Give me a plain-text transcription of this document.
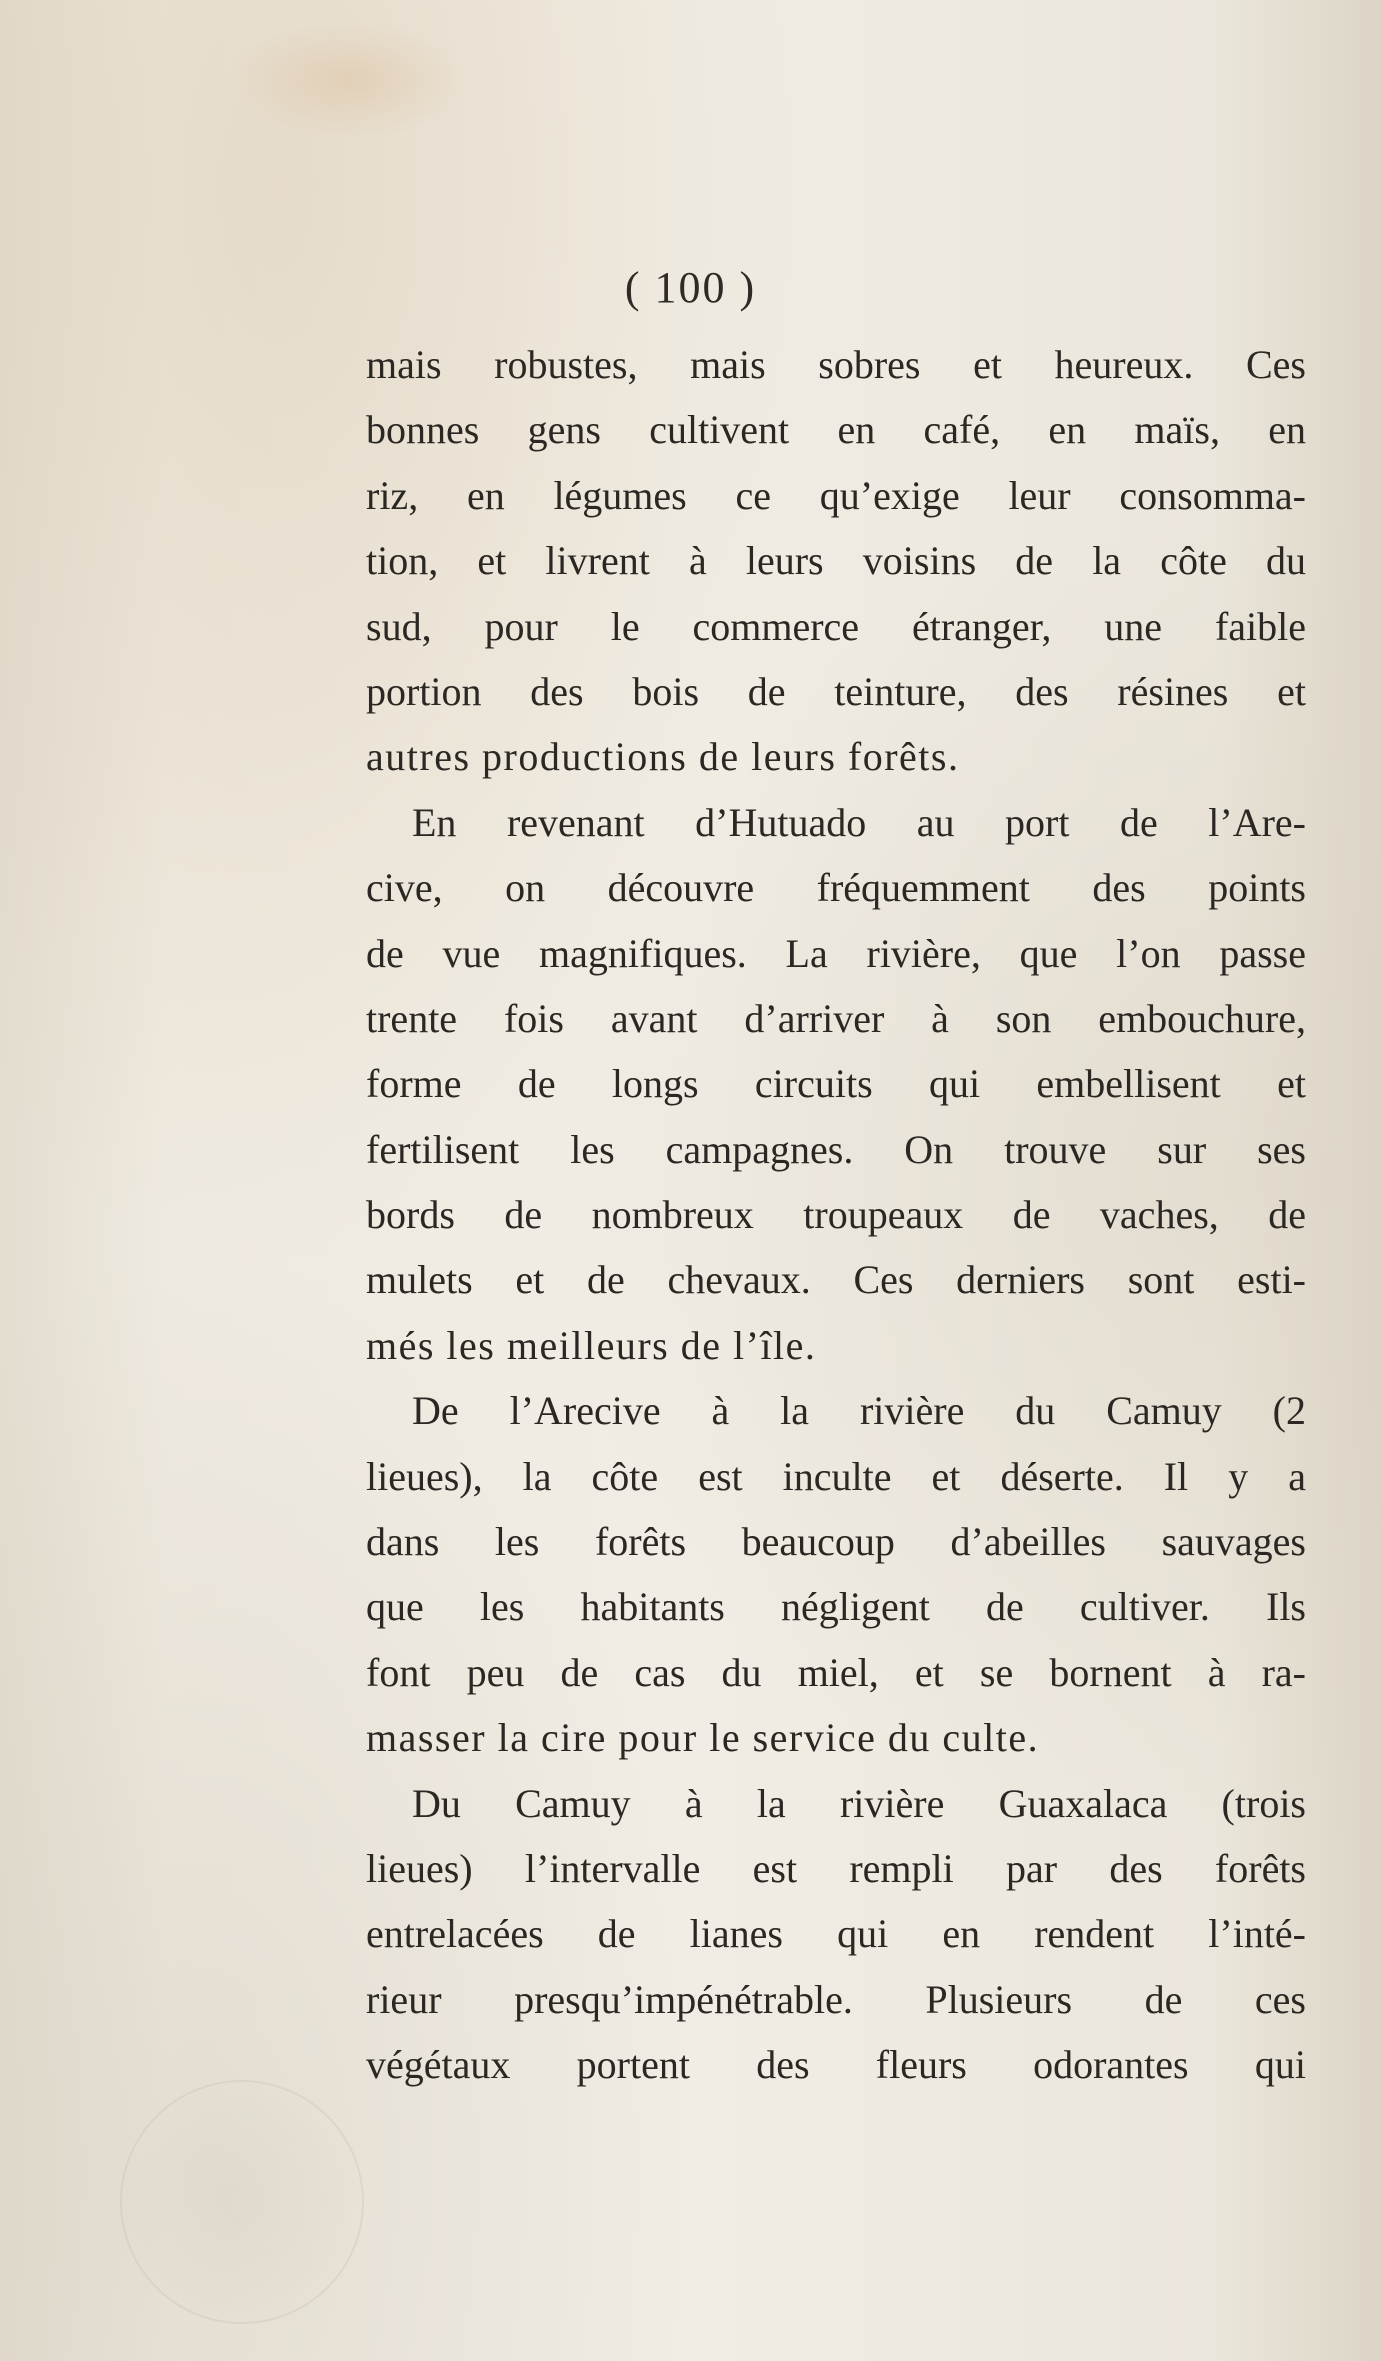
( 100 )
mais robustes, mais sobres et heureux. Ces
bonnes gens cultivent en café, en maïs, en
riz, en légumes ce qu’exige leur consomma-
tion, et livrent à leurs voisins de la côte du
sud, pour le commerce étranger, une faible
portion des bois de teinture, des résines et
autres productions de leurs forêts.
En revenant d’Hutuado au port de l’Are-
cive, on découvre fréquemment des points
de vue magnifiques. La rivière, que l’on passe
trente fois avant d’arriver à son embouchure,
forme de longs circuits qui embellisent et
fertilisent les campagnes. On trouve sur ses
bords de nombreux troupeaux de vaches, de
mulets et de chevaux. Ces derniers sont esti-
més les meilleurs de l’île.
De l’Arecive à la rivière du Camuy (2
lieues), la côte est inculte et déserte. Il y a
dans les forêts beaucoup d’abeilles sauvages
que les habitants négligent de cultiver. Ils
font peu de cas du miel, et se bornent à ra-
masser la cire pour le service du culte.
Du Camuy à la rivière Guaxalaca (trois
lieues) l’intervalle est rempli par des forêts
entrelacées de lianes qui en rendent l’inté-
rieur presqu’impénétrable. Plusieurs de ces
végétaux portent des fleurs odorantes qui
